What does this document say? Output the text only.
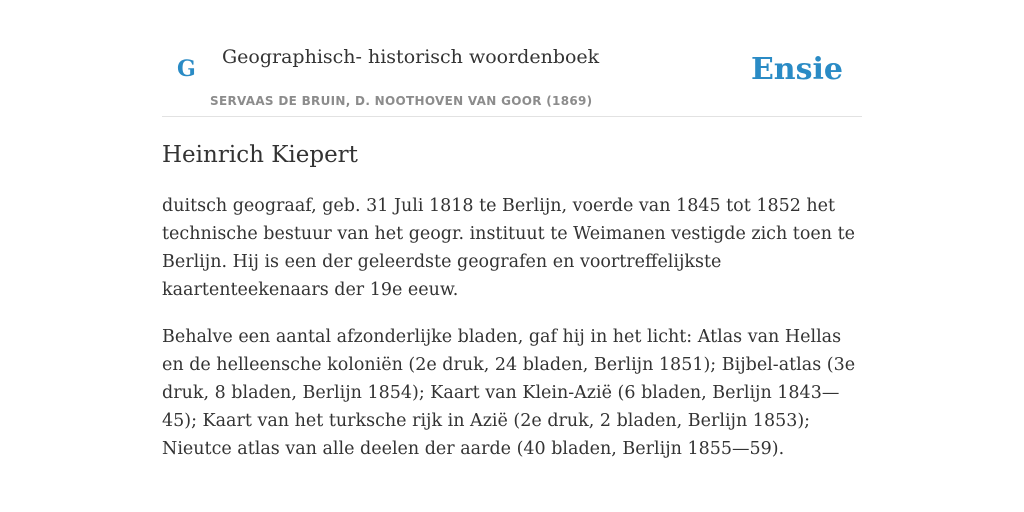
G Geographisch- historisch woordenboek
SERVAAS DE BRUIN, D. NOOTHOVEN VAN GOOR (1869)
Ensie
Heinrich Kiepert

duitsch geograaf, geb. 31 Juli 1818 te Berlijn, voerde van 1845 tot 1852 het technische bestuur van het geogr. instituut te Weimanen vestigde zich toen te Berlijn. Hij is een der geleerdste geografen en voortreffelijkste kaartenteekenaars der 19e eeuw.

Behalve een aantal afzonderlijke bladen, gaf hij in het licht: Atlas van Hellas en de helleensche koloniën (2e druk, 24 bladen, Berlijn 1851); Bijbel-atlas (3e druk, 8 bladen, Berlijn 1854); Kaart van Klein-Azië (6 bladen, Berlijn 1843—45); Kaart van het turksche rijk in Azië (2e druk, 2 bladen, Berlijn 1853); Nieutce atlas van alle deelen der aarde (40 bladen, Berlijn 1855—59).
